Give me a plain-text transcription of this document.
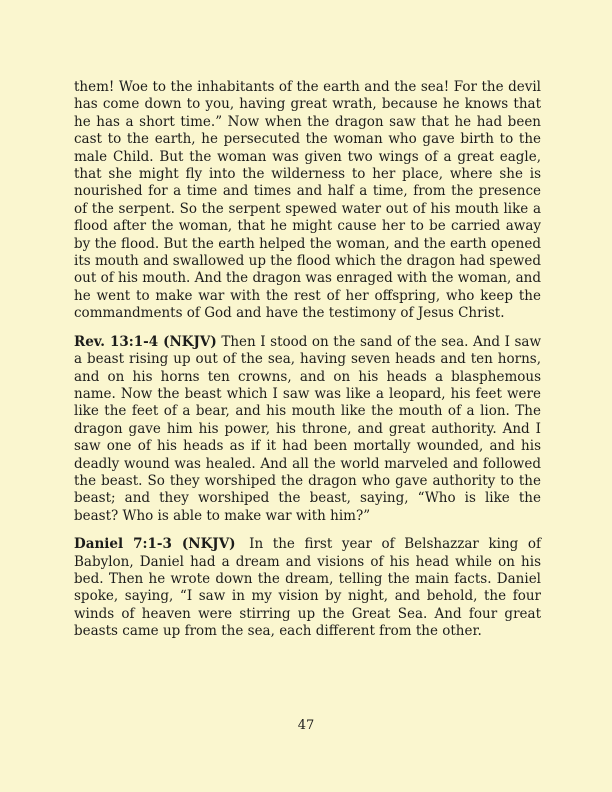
them! Woe to the inhabitants of the earth and the sea! For the devil has come down to you, having great wrath, because he knows that he has a short time.” Now when the dragon saw that he had been cast to the earth, he persecuted the woman who gave birth to the male Child. But the woman was given two wings of a great eagle, that she might fly into the wilderness to her place, where she is nourished for a time and times and half a time, from the presence of the serpent. So the serpent spewed water out of his mouth like a flood after the woman, that he might cause her to be carried away by the flood. But the earth helped the woman, and the earth opened its mouth and swallowed up the flood which the dragon had spewed out of his mouth. And the dragon was enraged with the woman, and he went to make war with the rest of her offspring, who keep the commandments of God and have the testimony of Jesus Christ.

Rev. 13:1-4 (NKJV) Then I stood on the sand of the sea. And I saw a beast rising up out of the sea, having seven heads and ten horns, and on his horns ten crowns, and on his heads a blasphemous name. Now the beast which I saw was like a leopard, his feet were like the feet of a bear, and his mouth like the mouth of a lion. The dragon gave him his power, his throne, and great authority. And I saw one of his heads as if it had been mortally wounded, and his deadly wound was healed. And all the world marveled and followed the beast. So they worshiped the dragon who gave authority to the beast; and they worshiped the beast, saying, “Who is like the beast? Who is able to make war with him?”

Daniel 7:1-3 (NKJV) In the first year of Belshazzar king of Babylon, Daniel had a dream and visions of his head while on his bed. Then he wrote down the dream, telling the main facts. Daniel spoke, saying, “I saw in my vision by night, and behold, the four winds of heaven were stirring up the Great Sea. And four great beasts came up from the sea, each different from the other.

47
